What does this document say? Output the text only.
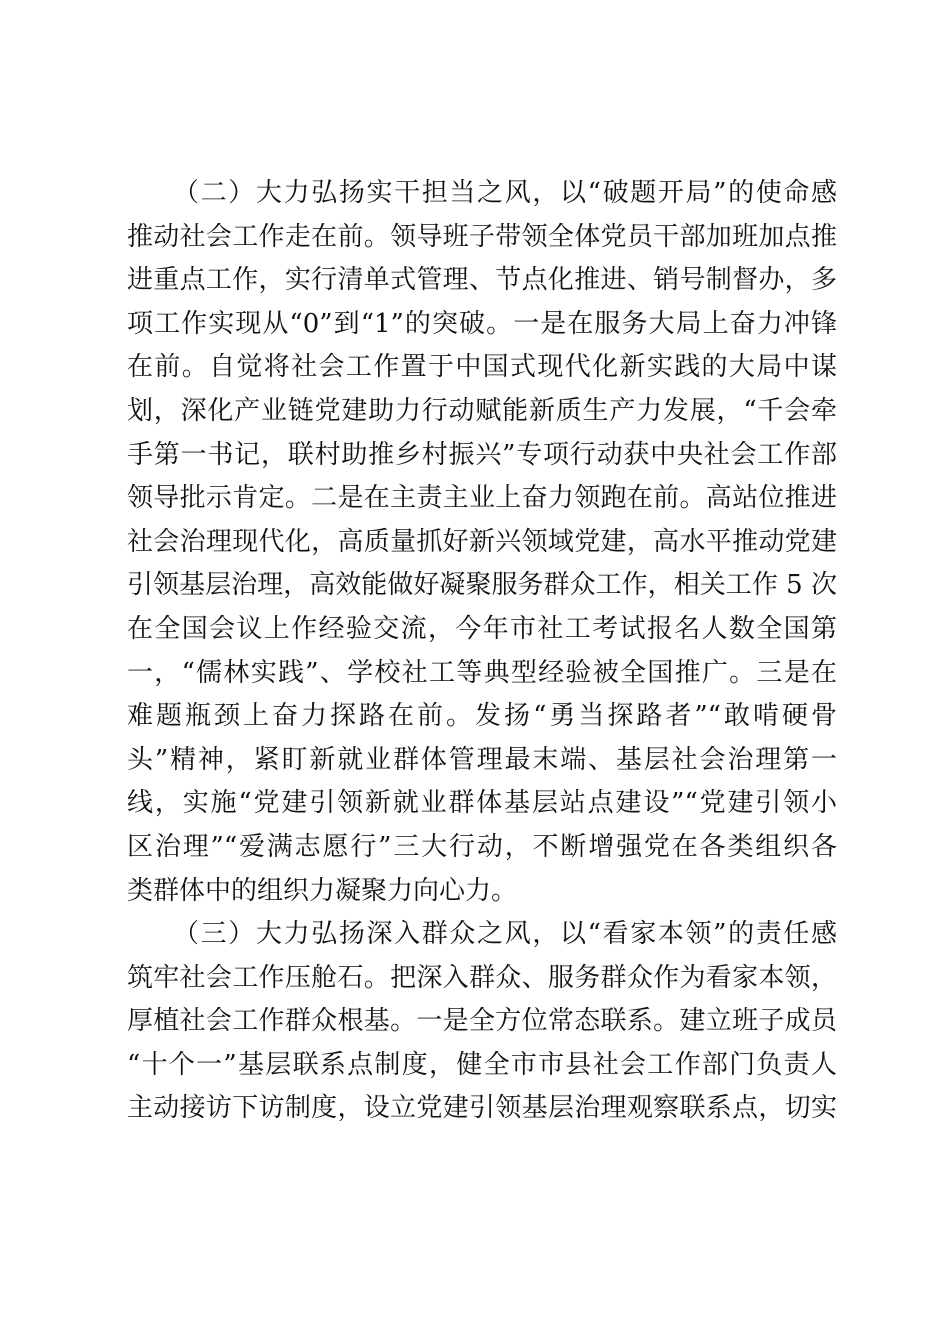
（二）大力弘扬实干担当之风，以“破题开局”的使命感
推动社会工作走在前。领导班子带领全体党员干部加班加点推
进重点工作，实行清单式管理、节点化推进、销号制督办，多
项工作实现从“0”到“1”的突破。一是在服务大局上奋力冲锋
在前。自觉将社会工作置于中国式现代化新实践的大局中谋
划，深化产业链党建助力行动赋能新质生产力发展，“千会牵
手第一书记，联村助推乡村振兴”专项行动获中央社会工作部
领导批示肯定。二是在主责主业上奋力领跑在前。高站位推进
社会治理现代化，高质量抓好新兴领域党建，高水平推动党建
引领基层治理，高效能做好凝聚服务群众工作，相关工作 5 次
在全国会议上作经验交流，今年市社工考试报名人数全国第
一，“儒林实践”、学校社工等典型经验被全国推广。三是在
难题瓶颈上奋力探路在前。发扬“勇当探路者”“敢啃硬骨
头”精神，紧盯新就业群体管理最末端、基层社会治理第一
线，实施“党建引领新就业群体基层站点建设”“党建引领小
区治理”“爱满志愿行”三大行动，不断增强党在各类组织各
类群体中的组织力凝聚力向心力。
（三）大力弘扬深入群众之风，以“看家本领”的责任感
筑牢社会工作压舱石。把深入群众、服务群众作为看家本领，
厚植社会工作群众根基。一是全方位常态联系。建立班子成员
“十个一”基层联系点制度，健全市市县社会工作部门负责人
主动接访下访制度，设立党建引领基层治理观察联系点，切实
